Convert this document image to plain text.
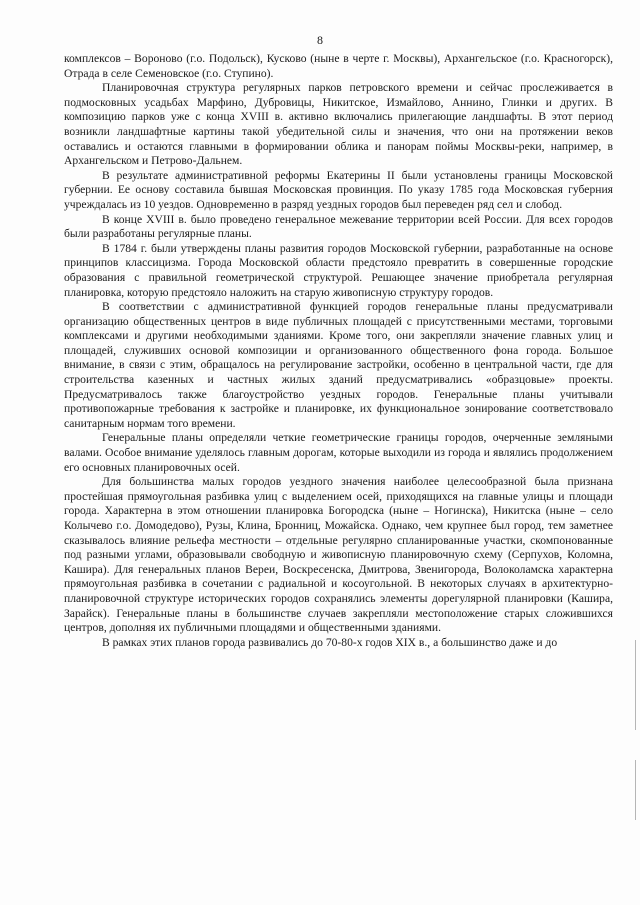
8

комплексов – Вороново (г.о. Подольск), Кусково (ныне в черте г. Москвы), Архангельское (г.о. Красногорск), Отрада в селе Семеновское (г.о. Ступино).

Планировочная структура регулярных парков петровского времени и сейчас прослеживается в подмосковных усадьбах Марфино, Дубровицы, Никитское, Измайлово, Аннино, Глинки и других. В композицию парков уже с конца XVIII в. активно включались прилегающие ландшафты. В этот период возникли ландшафтные картины такой убедительной силы и значения, что они на протяжении веков оставались и остаются главными в формировании облика и панорам поймы Москвы-реки, например, в Архангельском и Петрово-Дальнем.

В результате административной реформы Екатерины II были установлены границы Московской губернии. Ее основу составила бывшая Московская провинция. По указу 1785 года Московская губерния учреждалась из 10 уездов. Одновременно в разряд уездных городов был переведен ряд сел и слобод.

В конце XVIII в. было проведено генеральное межевание территории всей России. Для всех городов были разработаны регулярные планы.

В 1784 г. были утверждены планы развития городов Московской губернии, разработанные на основе принципов классицизма. Города Московской области предстояло превратить в совершенные городские образования с правильной геометрической структурой. Решающее значение приобретала регулярная планировка, которую предстояло наложить на старую живописную структуру городов.

В соответствии с административной функцией городов генеральные планы предусматривали организацию общественных центров в виде публичных площадей с присутственными местами, торговыми комплексами и другими необходимыми зданиями. Кроме того, они закрепляли значение главных улиц и площадей, служивших основой композиции и организованного общественного фона города. Большое внимание, в связи с этим, обращалось на регулирование застройки, особенно в центральной части, где для строительства казенных и частных жилых зданий предусматривались «образцовые» проекты. Предусматривалось также благоустройство уездных городов. Генеральные планы учитывали противопожарные требования к застройке и планировке, их функциональное зонирование соответствовало санитарным нормам того времени.

Генеральные планы определяли четкие геометрические границы городов, очерченные земляными валами. Особое внимание уделялось главным дорогам, которые выходили из города и являлись продолжением его основных планировочных осей.

Для большинства малых городов уездного значения наиболее целесообразной была признана простейшая прямоугольная разбивка улиц с выделением осей, приходящихся на главные улицы и площади города. Характерна в этом отношении планировка Богородска (ныне – Ногинска), Никитска (ныне – село Колычево г.о. Домодедово), Рузы, Клина, Бронниц, Можайска. Однако, чем крупнее был город, тем заметнее сказывалось влияние рельефа местности – отдельные регулярно спланированные участки, скомпонованные под разными углами, образовывали свободную и живописную планировочную схему (Серпухов, Коломна, Кашира). Для генеральных планов Вереи, Воскресенска, Дмитрова, Звенигорода, Волоколамска характерна прямоугольная разбивка в сочетании с радиальной и косоугольной. В некоторых случаях в архитектурно-планировочной структуре исторических городов сохранялись элементы дорегулярной планировки (Кашира, Зарайск). Генеральные планы в большинстве случаев закрепляли местоположение старых сложившихся центров, дополняя их публичными площадями и общественными зданиями.

В рамках этих планов города развивались до 70-80-х годов XIX в., а большинство даже и до
